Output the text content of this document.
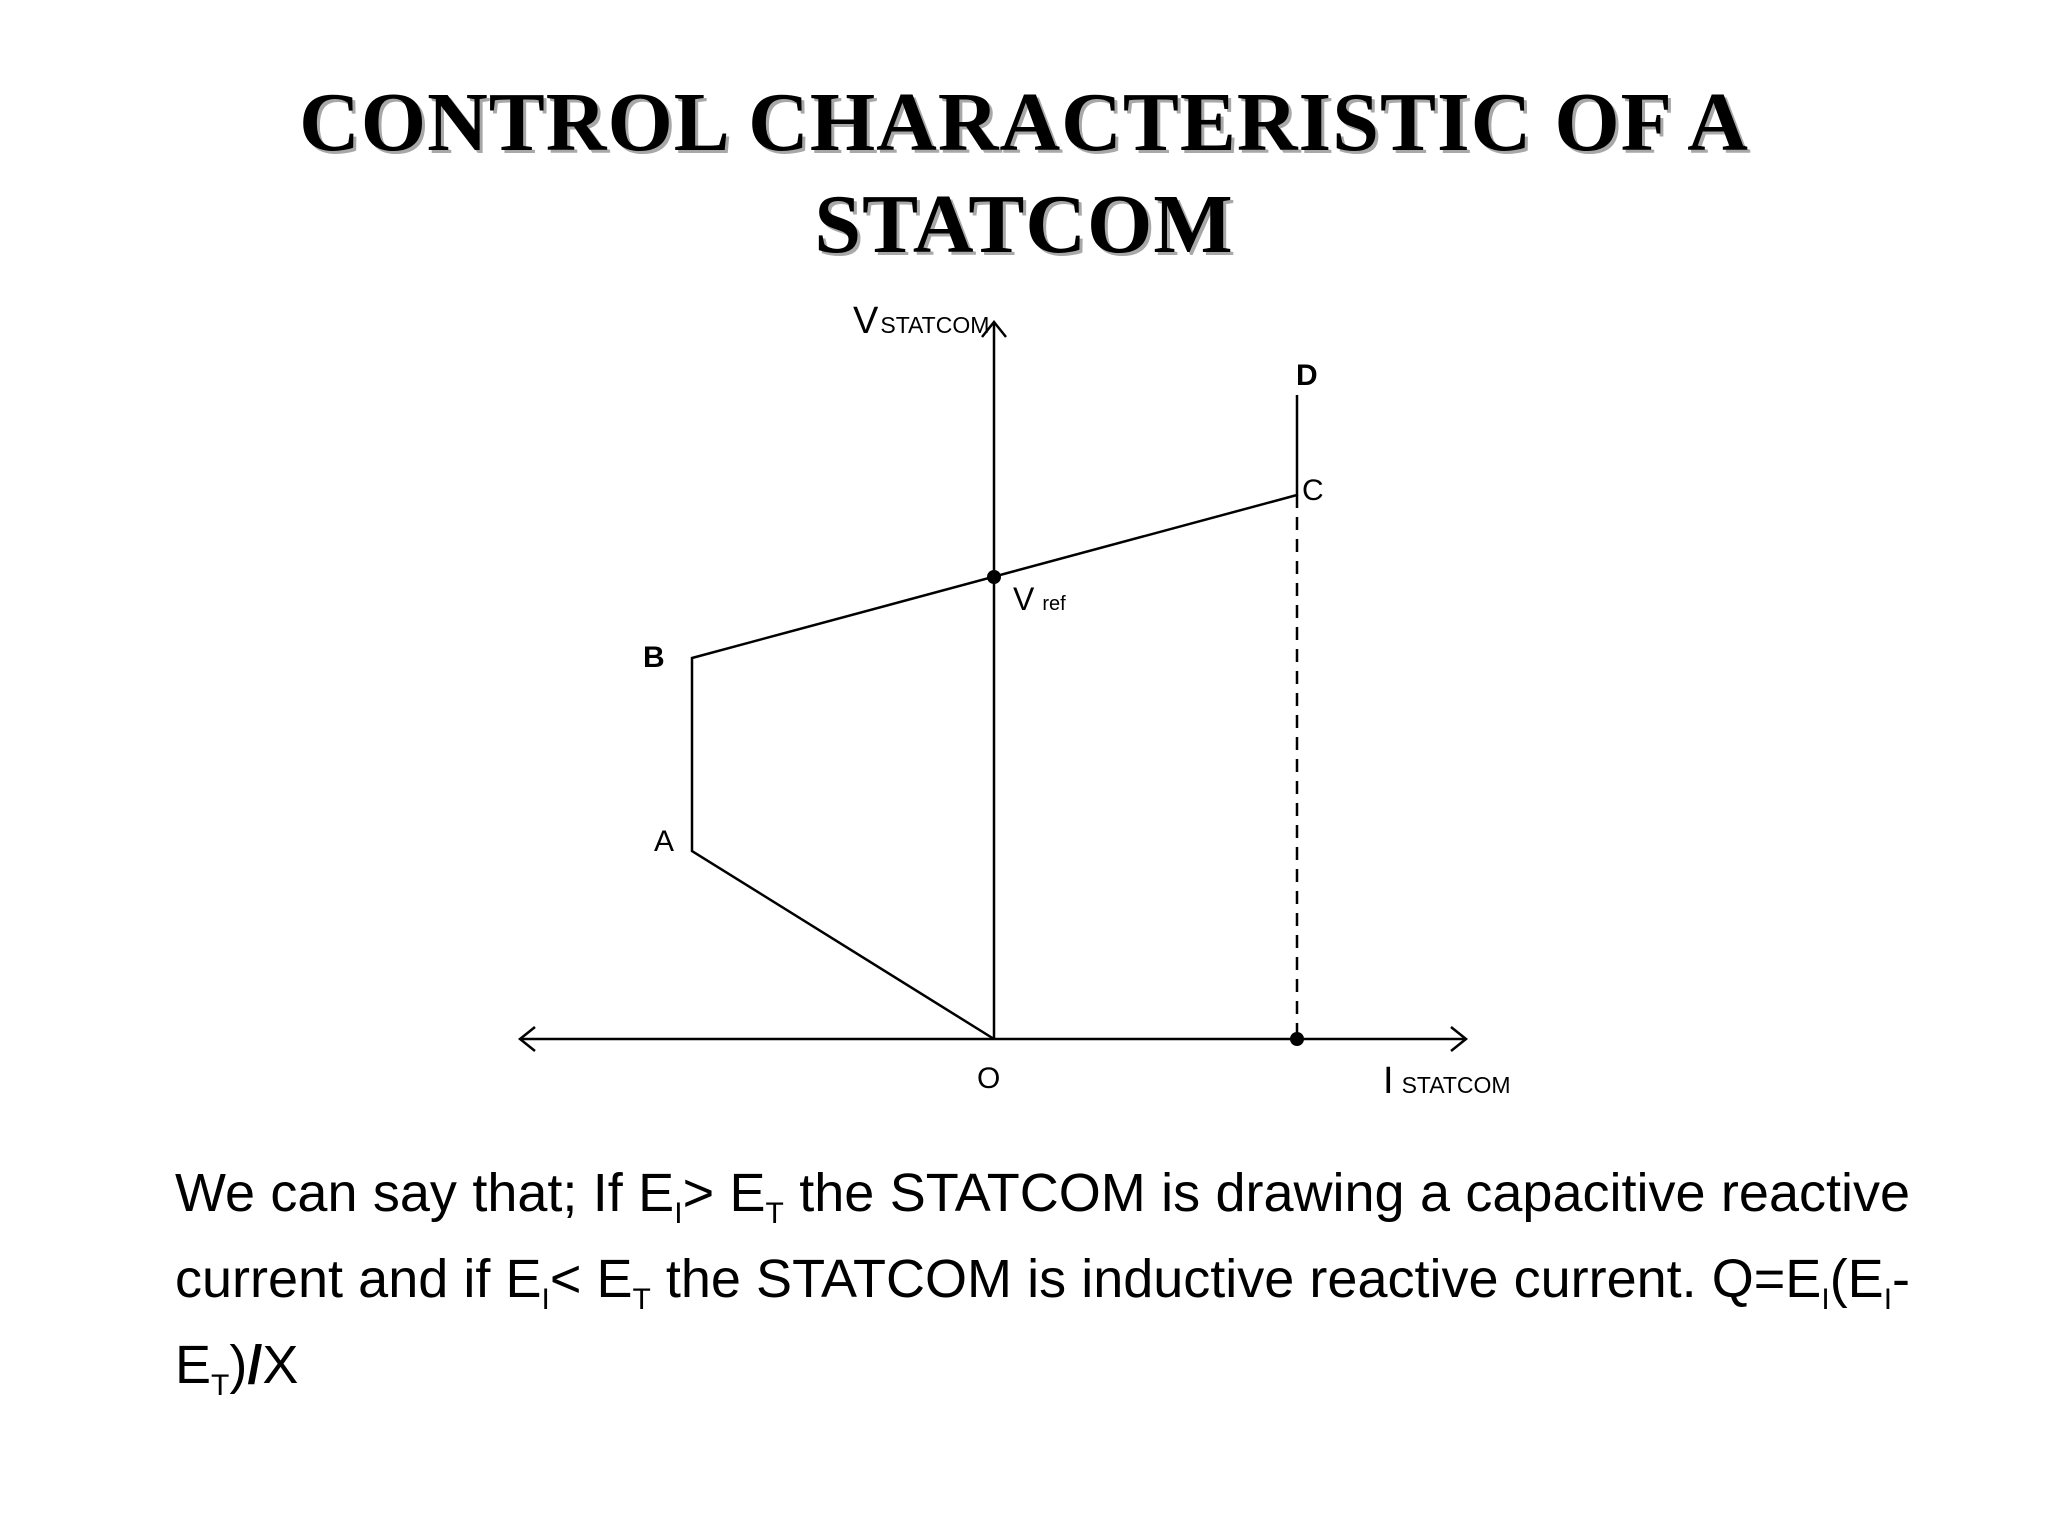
CONTROL CHARACTERISTIC OF A
STATCOM
VSTATCOM
ISTATCOM
O
A
B
C
D
Vref

We can say that; If $E_I> E_T$ the STATCOM is drawing a capacitive reactive current and if $E_I< E_T$ the STATCOM is inductive reactive current. $Q=E_I(E_I-E_T)/X$
